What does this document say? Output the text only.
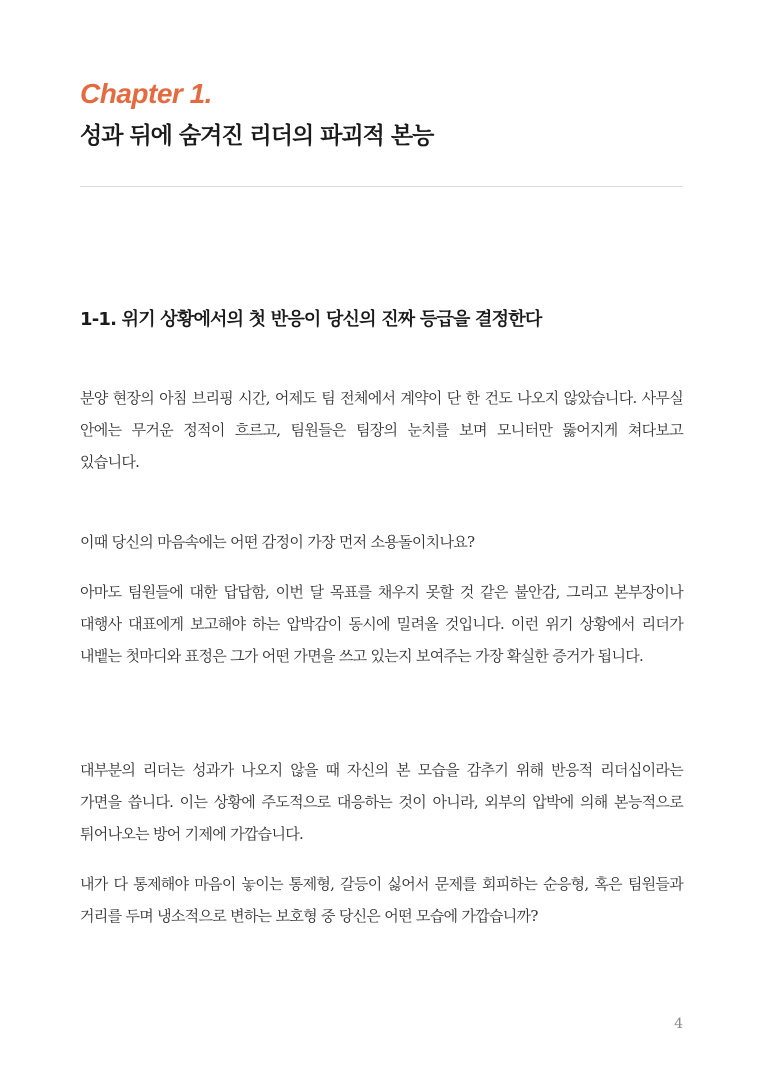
Chapter 1.
성과 뒤에 숨겨진 리더의 파괴적 본능
1-1. 위기 상황에서의 첫 반응이 당신의 진짜 등급을 결정한다

분양 현장의 아침 브리핑 시간, 어제도 팀 전체에서 계약이 단 한 건도 나오지 않았습니다. 사무실 안에는 무거운 정적이 흐르고, 팀원들은 팀장의 눈치를 보며 모니터만 뚫어지게 쳐다보고 있습니다.

이때 당신의 마음속에는 어떤 감정이 가장 먼저 소용돌이치나요?

아마도 팀원들에 대한 답답함, 이번 달 목표를 채우지 못할 것 같은 불안감, 그리고 본부장이나 대행사 대표에게 보고해야 하는 압박감이 동시에 밀려올 것입니다. 이런 위기 상황에서 리더가 내뱉는 첫마디와 표정은 그가 어떤 가면을 쓰고 있는지 보여주는 가장 확실한 증거가 됩니다.

대부분의 리더는 성과가 나오지 않을 때 자신의 본 모습을 감추기 위해 반응적 리더십이라는 가면을 씁니다. 이는 상황에 주도적으로 대응하는 것이 아니라, 외부의 압박에 의해 본능적으로 튀어나오는 방어 기제에 가깝습니다.

내가 다 통제해야 마음이 놓이는 통제형, 갈등이 싫어서 문제를 회피하는 순응형, 혹은 팀원들과 거리를 두며 냉소적으로 변하는 보호형 중 당신은 어떤 모습에 가깝습니까?

4
